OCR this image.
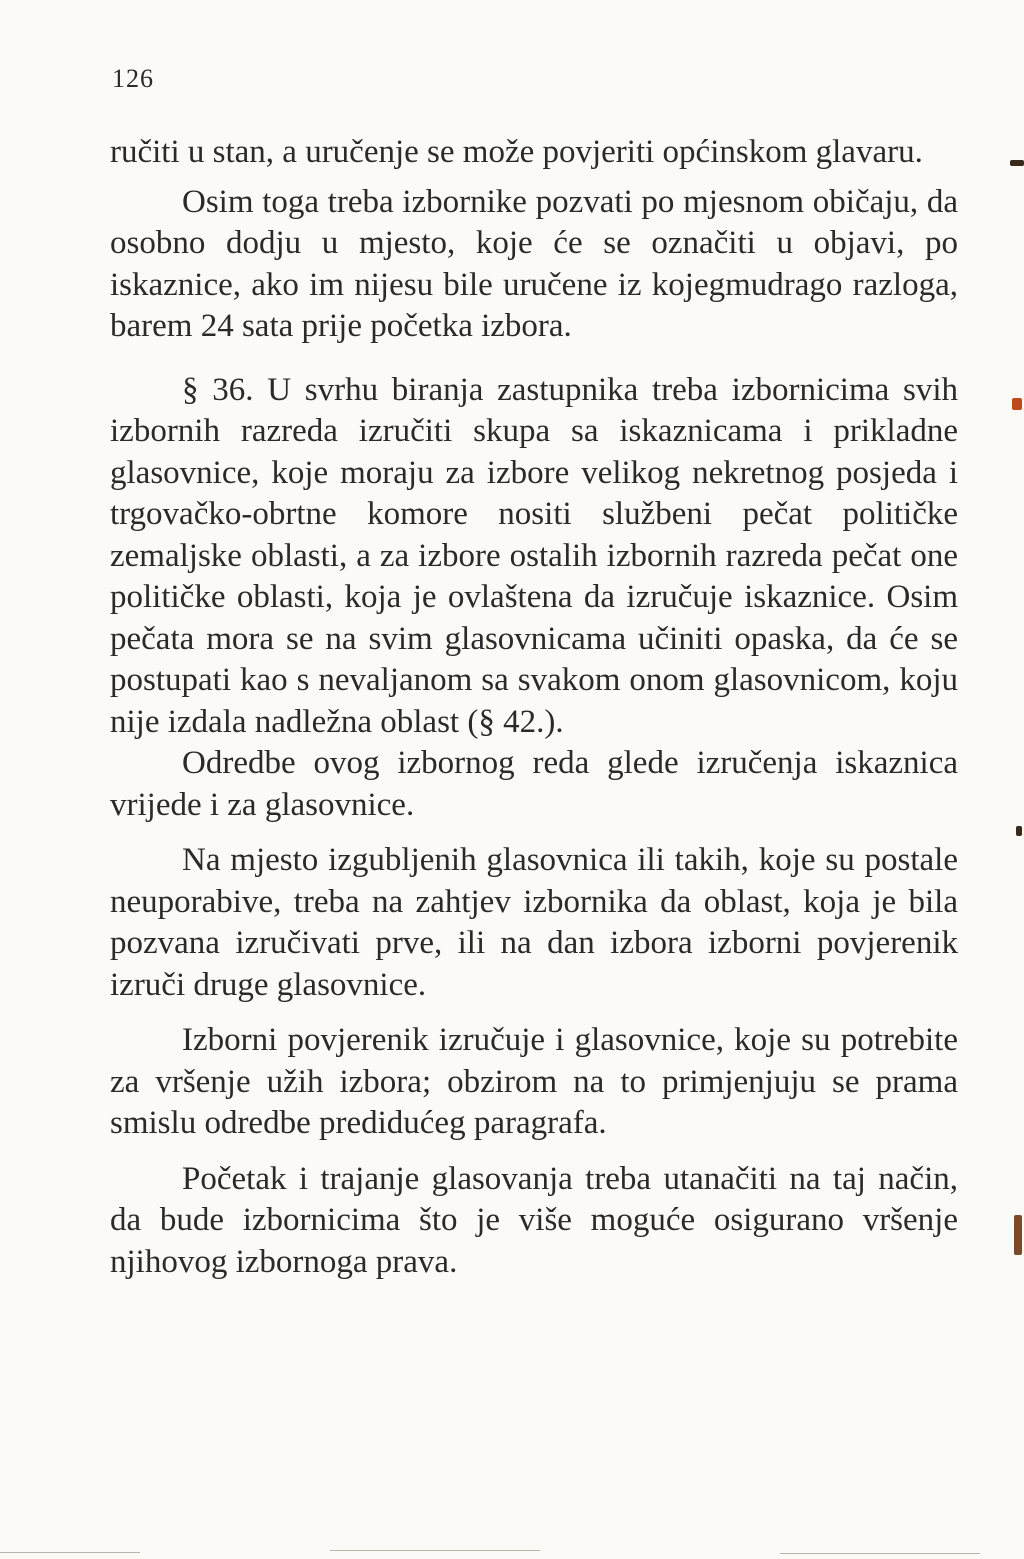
126

ručiti u stan, a uručenje se može povjeriti općinskom glavaru.

Osim toga treba izbornike pozvati po mjesnom običaju, da osobno dodju u mjesto, koje će se označiti u objavi, po iskaznice, ako im nijesu bile uručene iz kojegmudrago razloga, barem 24 sata prije početka izbora.

§ 36. U svrhu biranja zastupnika treba izbornicima svih izbornih razreda izručiti skupa sa iskaznicama i prikladne glasovnice, koje moraju za izbore velikog nekretnog posjeda i trgovačko-obrtne komore nositi službeni pečat političke zemaljske oblasti, a za izbore ostalih izbornih razreda pečat one političke oblasti, koja je ovlaštena da izručuje iskaznice. Osim pečata mora se na svim glasovnicama učiniti opaska, da će se postupati kao s nevaljanom sa svakom onom glasovnicom, koju nije izdala nadležna oblast (§ 42.).

Odredbe ovog izbornog reda glede izručenja iskaznica vrijede i za glasovnice.

Na mjesto izgubljenih glasovnica ili takih, koje su postale neuporabive, treba na zahtjev izbornika da oblast, koja je bila pozvana izručivati prve, ili na dan izbora izborni povjerenik izruči druge glasovnice.

Izborni povjerenik izručuje i glasovnice, koje su potrebite za vršenje užih izbora; obzirom na to primjenjuju se prama smislu odredbe predidućeg paragrafa.

Početak i trajanje glasovanja treba utanačiti na taj način, da bude izbornicima što je više moguće osigurano vršenje njihovog izbornoga prava.
